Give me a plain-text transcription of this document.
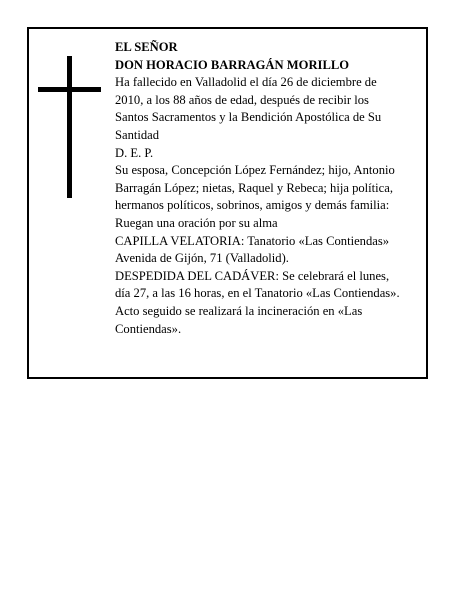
EL SEÑOR
DON HORACIO BARRAGÁN MORILLO
Ha fallecido en Valladolid el día 26 de diciembre de
2010, a los 88 años de edad, después de recibir los
Santos Sacramentos y la Bendición Apostólica de Su
Santidad
D. E. P.
Su esposa, Concepción López Fernández; hijo, Antonio
Barragán López; nietas, Raquel y Rebeca; hija política,
hermanos políticos, sobrinos, amigos y demás familia:
Ruegan una oración por su alma
CAPILLA VELATORIA: Tanatorio «Las Contiendas»
Avenida de Gijón, 71 (Valladolid).
DESPEDIDA DEL CADÁVER: Se celebrará el lunes,
día 27, a las 16 horas, en el Tanatorio «Las Contiendas».
Acto seguido se realizará la incineración en «Las
Contiendas».
